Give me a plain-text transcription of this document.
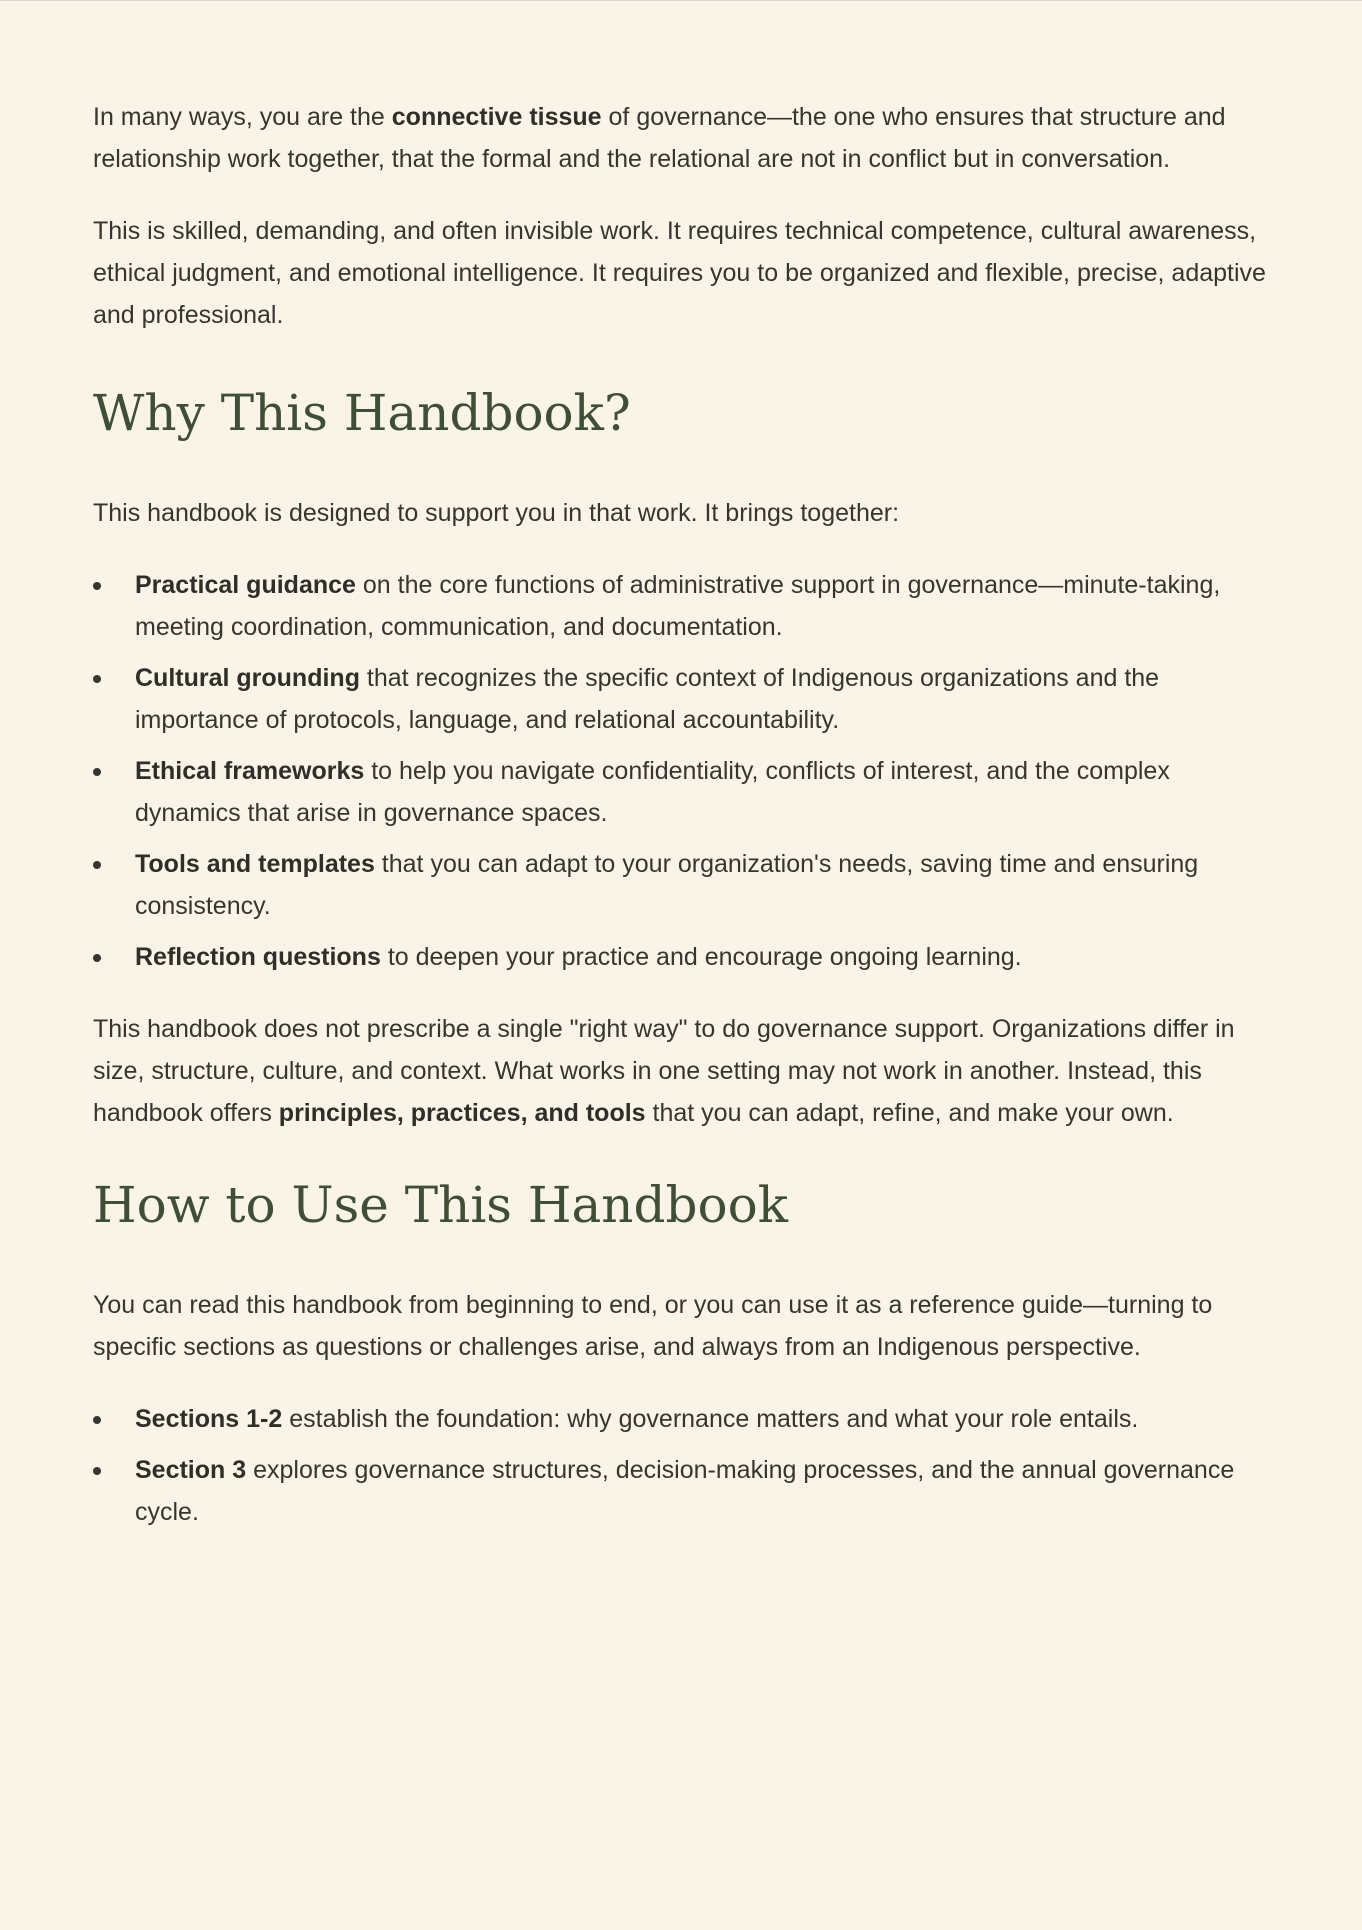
In many ways, you are the connective tissue of governance—the one who ensures that structure and relationship work together, that the formal and the relational are not in conflict but in conversation.

This is skilled, demanding, and often invisible work. It requires technical competence, cultural awareness, ethical judgment, and emotional intelligence. It requires you to be organized and flexible, precise, adaptive and professional.

Why This Handbook?

This handbook is designed to support you in that work. It brings together:

Practical guidance on the core functions of administrative support in governance—minute-taking, meeting coordination, communication, and documentation.
Cultural grounding that recognizes the specific context of Indigenous organizations and the importance of protocols, language, and relational accountability.
Ethical frameworks to help you navigate confidentiality, conflicts of interest, and the complex dynamics that arise in governance spaces.
Tools and templates that you can adapt to your organization's needs, saving time and ensuring consistency.
Reflection questions to deepen your practice and encourage ongoing learning.

This handbook does not prescribe a single "right way" to do governance support. Organizations differ in size, structure, culture, and context. What works in one setting may not work in another. Instead, this handbook offers principles, practices, and tools that you can adapt, refine, and make your own.

How to Use This Handbook

You can read this handbook from beginning to end, or you can use it as a reference guide—turning to specific sections as questions or challenges arise, and always from an Indigenous perspective.

Sections 1-2 establish the foundation: why governance matters and what your role entails.
Section 3 explores governance structures, decision-making processes, and the annual governance cycle.
